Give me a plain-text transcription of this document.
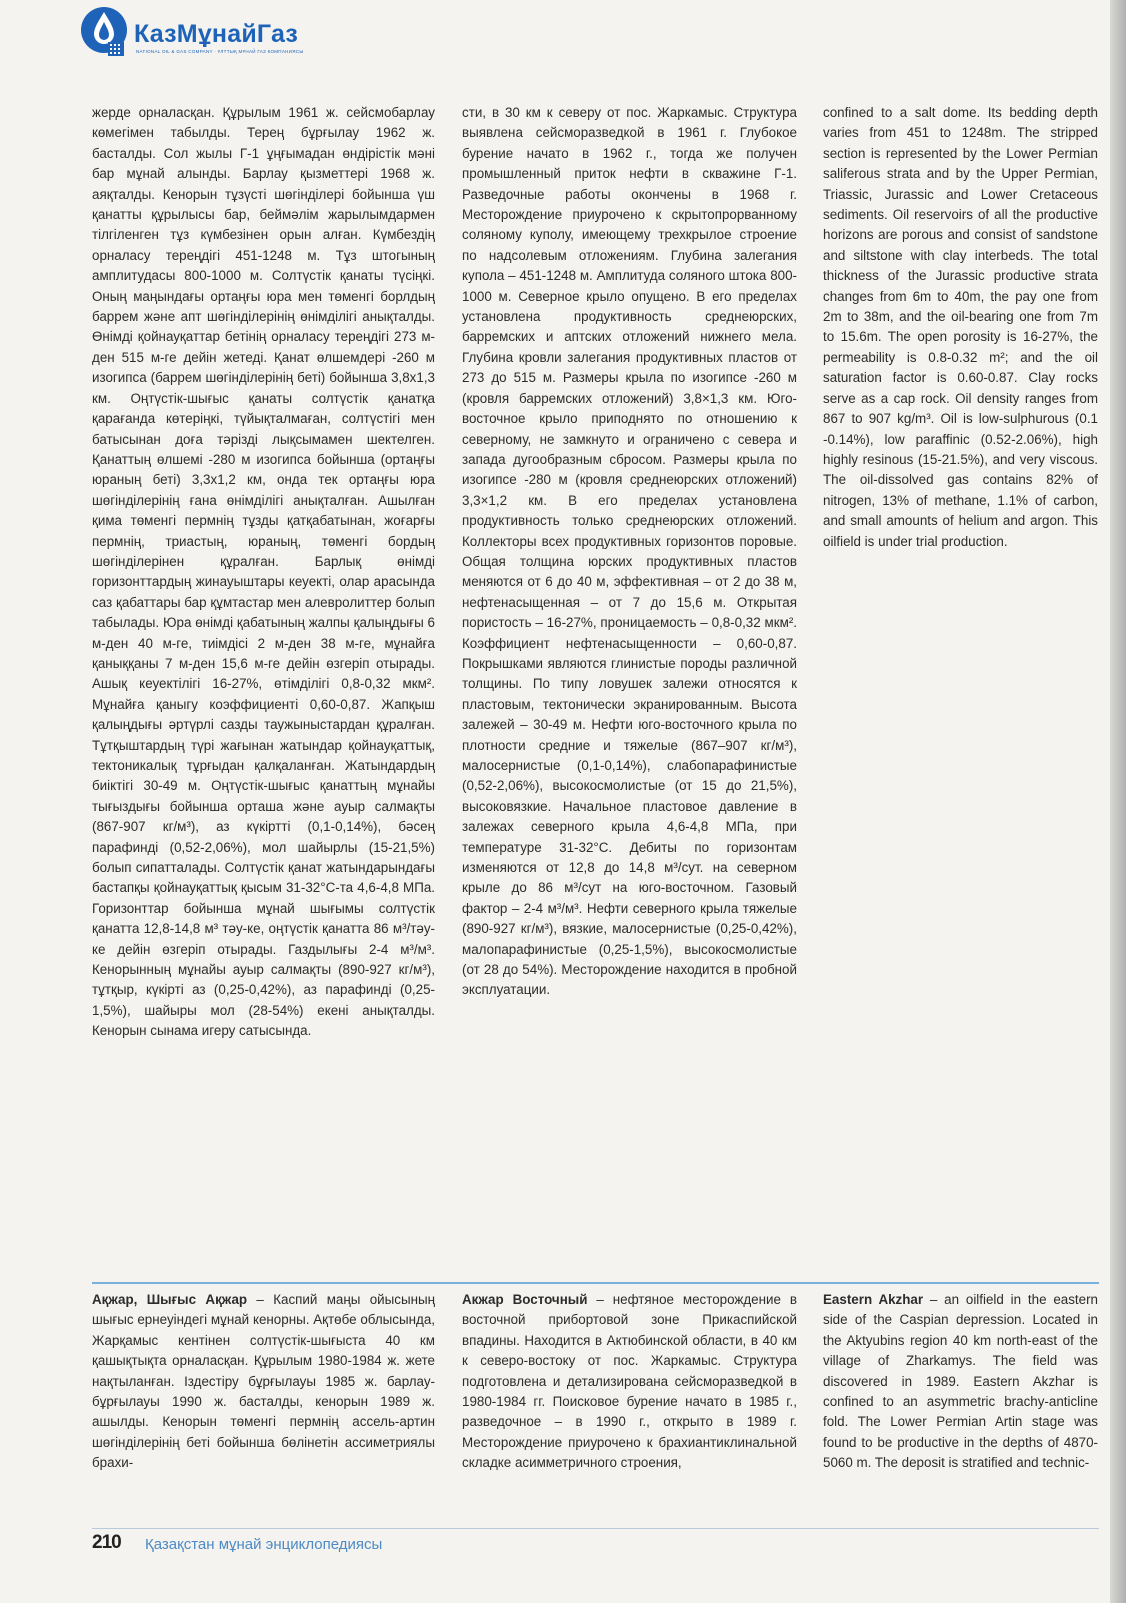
КазМұнайГаз
NATIONAL OIL & GAS COMPANY · ҰЛТТЫҚ МҰНАЙ ГАЗ КОМПАНИЯСЫ

жерде орналасқан. Құрылым 1961 ж. сейсмобарлау көмегімен табылды. Терең бұрғылау 1962 ж. басталды. Сол жылы Г-1 ұңғымадан өндірістік мәні бар мұнай алынды. Барлау қызметтері 1968 ж. аяқталды. Кенорын тұзүсті шөгінділері бойынша үш қанатты құрылысы бар, беймәлім жарылымдармен тілгіленген тұз күмбезінен орын алған. Күмбездің орналасу тереңдігі 451-1248 м. Тұз штогының амплитудасы 800-1000 м. Солтүстік қанаты түсіңкі. Оның маңындағы ортаңғы юра мен төменгі борлдың баррем және апт шөгінділерінің өнімділігі анықталды. Өнімді қойнауқаттар бетінің орналасу тереңдігі 273 м-ден 515 м-ге дейін жетеді. Қанат өлшемдері -260 м изогипса (баррем шөгінділерінің беті) бойынша 3,8х1,3 км. Оңтүстік-шығыс қанаты солтүстік қанатқа қарағанда көтеріңкі, түйықталмаған, солтүстігі мен батысынан доға тәрізді лықсымамен шектелген. Қанаттың өлшемі -280 м изогипса бойынша (ортаңғы юраның беті) 3,3х1,2 км, онда тек ортаңғы юра шөгінділерінің ғана өнімділігі анықталған. Ашылған қима төменгі пермнің тұзды қатқабатынан, жоғарғы пермнің, триастың, юраның, төменгі бордың шөгінділерінен құралған. Барлық өнімді горизонттардың жинауыштары кеуекті, олар арасында саз қабаттары бар құмтастар мен алевролиттер болып табылады. Юра өнімді қабатының жалпы қалыңдығы 6 м-ден 40 м-ге, тиімдісі 2 м-ден 38 м-ге, мұнайға қаныққаны 7 м-ден 15,6 м-ге дейін өзгеріп отырады. Ашық кеуектілігі 16-27%, өтімділігі 0,8-0,32 мкм². Мұнайға қаныгу коэффициенті 0,60-0,87. Жапқыш қалыңдығы әртүрлі сазды таужыныстардан құралған. Тұтқыштардың түрі жағынан жатындар қойнауқаттық, тектоникалық тұрғыдан қалқаланған. Жатындардың биіктігі 30-49 м. Оңтүстік-шығыс қанаттың мұнайы тығыздығы бойынша орташа және ауыр салмақты (867-907 кг/м³), аз күкіртті (0,1-0,14%), бәсең парафинді (0,52-2,06%), мол шайырлы (15-21,5%) болып сипатталады. Солтүстік қанат жатындарындағы бастапқы қойнауқаттық қысым 31-32°С-та 4,6-4,8 МПа. Горизонттар бойынша мұнай шығымы солтүстік қанатта 12,8-14,8 м³ тәу-ке, оңтүстік қанатта 86 м³/тәу-ке дейін өзгеріп отырады. Газдылығы 2-4 м³/м³. Кенорынның мұнайы ауыр салмақты (890-927 кг/м³), тұтқыр, күкірті аз (0,25-0,42%), аз парафинді (0,25-1,5%), шайыры мол (28-54%) екені анықталды. Кенорын сынама игеру сатысында.

сти, в 30 км к северу от пос. Жаркамыс. Структура выявлена сейсморазведкой в 1961 г. Глубокое бурение начато в 1962 г., тогда же получен промышленный приток нефти в скважине Г-1. Разведочные работы окончены в 1968 г. Месторождение приурочено к скрытопрорванному соляному куполу, имеющему трехкрылое строение по надсолевым отложениям. Глубина залегания купола – 451-1248 м. Амплитуда соляного штока 800-1000 м. Северное крыло опущено. В его пределах установлена продуктивность среднеюрских, барремских и аптских отложений нижнего мела. Глубина кровли залегания продуктивных пластов от 273 до 515 м. Размеры крыла по изогипсе -260 м (кровля барремских отложений) 3,8×1,3 км. Юго-восточное крыло приподнято по отношению к северному, не замкнуто и ограничено с севера и запада дугообразным сбросом. Размеры крыла по изогипсе -280 м (кровля среднеюрских отложений) 3,3×1,2 км. В его пределах установлена продуктивность только среднеюрских отложений. Коллекторы всех продуктивных горизонтов поровые. Общая толщина юрских продуктивных пластов меняются от 6 до 40 м, эффективная – от 2 до 38 м, нефтенасыщенная – от 7 до 15,6 м. Открытая пористость – 16-27%, проницаемость – 0,8-0,32 мкм². Коэффициент нефтенасыщенности – 0,60-0,87. Покрышками являются глинистые породы различной толщины. По типу ловушек залежи относятся к пластовым, тектонически экранированным. Высота залежей – 30-49 м. Нефти юго-восточного крыла по плотности средние и тяжелые (867–907 кг/м³), малосернистые (0,1-0,14%), слабопарафинистые (0,52-2,06%), высокосмолистые (от 15 до 21,5%), высоковязкие. Начальное пластовое давление в залежах северного крыла 4,6-4,8 МПа, при температуре 31-32°С. Дебиты по горизонтам изменяются от 12,8 до 14,8 м³/сут. на северном крыле до 86 м³/сут на юго-восточном. Газовый фактор – 2-4 м³/м³. Нефти северного крыла тяжелые (890-927 кг/м³), вязкие, малосернистые (0,25-0,42%), малопарафинистые (0,25-1,5%), высокосмолистые (от 28 до 54%). Месторождение находится в пробной эксплуатации.

confined to a salt dome. Its bedding depth varies from 451 to 1248m. The stripped section is represented by the Lower Permian saliferous strata and by the Upper Permian, Triassic, Jurassic and Lower Cretaceous sediments. Oil reservoirs of all the productive horizons are porous and consist of sandstone and siltstone with clay interbeds. The total thickness of the Jurassic productive strata changes from 6m to 40m, the pay one from 2m to 38m, and the oil-bearing one from 7m to 15.6m. The open porosity is 16-27%, the permeability is 0.8-0.32 m²; and the oil saturation factor is 0.60-0.87. Clay rocks serve as a cap rock. Oil density ranges from 867 to 907 kg/m³. Oil is low-sulphurous (0.1 -0.14%), low paraffinic (0.52-2.06%), high highly resinous (15-21.5%), and very viscous. The oil-dissolved gas contains 82% of nitrogen, 13% of methane, 1.1% of carbon, and small amounts of helium and argon. This oilfield is under trial production.

Ақжар, Шығыс Ақжар – Каспий маңы ойысының шығыс ернеуіндегі мұнай кенорны. Ақтөбе облысында, Жарқамыс кентінен солтүстік-шығыста 40 км қашықтықта орналасқан. Құрылым 1980-1984 ж. жете нақтыланған. Іздестіру бұрғылауы 1985 ж. барлау-бұрғылауы 1990 ж. басталды, кенорын 1989 ж. ашылды. Кенорын төменгі пермнің ассель-артин шөгінділерінің беті бойынша бөлінетін ассиметриялы брахи-

Акжар Восточный – нефтяное месторождение в восточной прибортовой зоне Прикаспийской впадины. Находится в Актюбинской области, в 40 км к северо-востоку от пос. Жаркамыс. Структура подготовлена и детализирована сейсморазведкой в 1980-1984 гг. Поисковое бурение начато в 1985 г., разведочное – в 1990 г., открыто в 1989 г. Месторождение приурочено к брахиантиклинальной складке асимметричного строения,

Eastern Akzhar – an oilfield in the eastern side of the Caspian depression. Located in the Aktyubins region 40 km north-east of the village of Zharkamys. The field was discovered in 1989. Eastern Akzhar is confined to an asymmetric brachy-anticline fold. The Lower Permian Artin stage was found to be productive in the depths of 4870-5060 m. The deposit is stratified and technic-

210 Қазақстан мұнай энциклопедиясы
